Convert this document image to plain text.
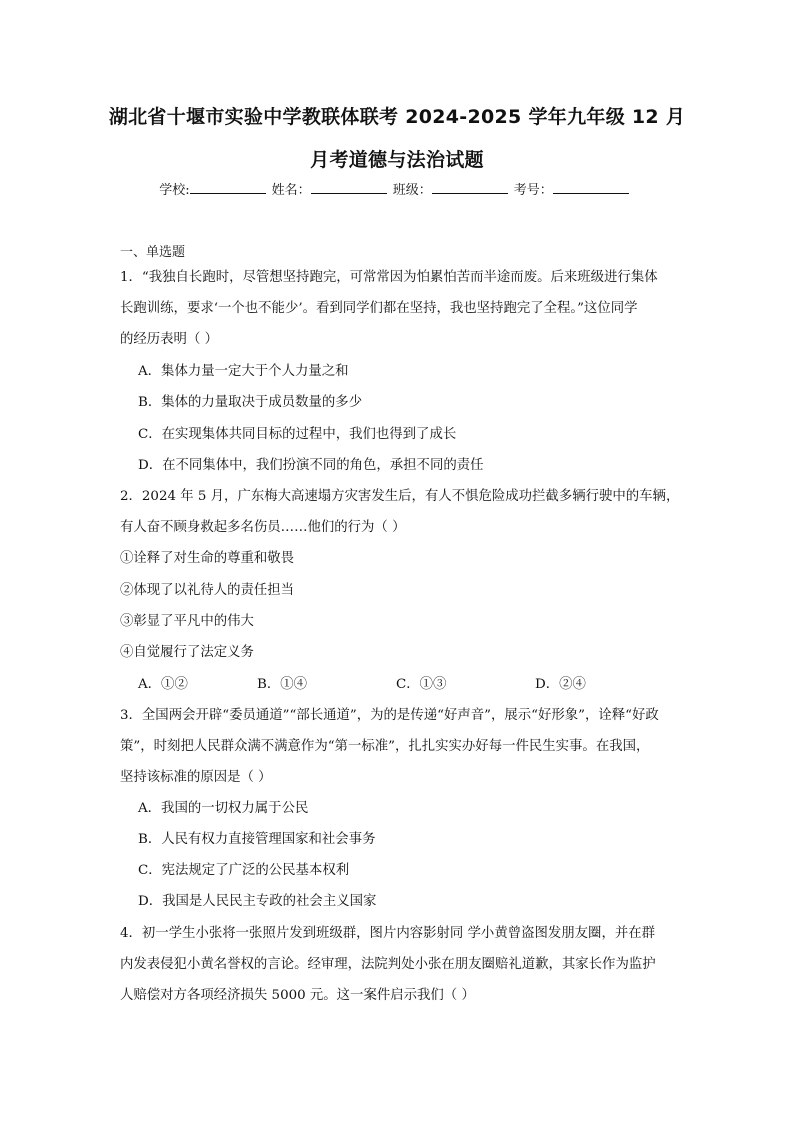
湖北省十堰市实验中学教联体联考 2024-2025 学年九年级 12 月
月考道德与法治试题
学校:	姓名：	班级：	考号：
一、单选题
1．“我独自长跑时，尽管想坚持跑完，可常常因为怕累怕苦而半途而废。后来班级进行集体
长跑训练，要求‘一个也不能少’。看到同学们都在坚持，我也坚持跑完了全程。”这位同学
的经历表明（ ）
A．集体力量一定大于个人力量之和
B．集体的力量取决于成员数量的多少
C．在实现集体共同目标的过程中，我们也得到了成长
D．在不同集体中，我们扮演不同的角色，承担不同的责任
2．2024 年 5 月，广东梅大高速塌方灾害发生后，有人不惧危险成功拦截多辆行驶中的车辆，
有人奋不顾身救起多名伤员……他们的行为（ ）
①诠释了对生命的尊重和敬畏
②体现了以礼待人的责任担当
③彰显了平凡中的伟大
④自觉履行了法定义务
A．①②	B．①④	C．①③	D．②④
3．全国两会开辟“委员通道”“部长通道”，为的是传递“好声音”，展示“好形象”，诠释“好政
策”，时刻把人民群众满不满意作为“第一标准”，扎扎实实办好每一件民生实事。在我国，
坚持该标准的原因是（ ）
A．我国的一切权力属于公民
B．人民有权力直接管理国家和社会事务
C．宪法规定了广泛的公民基本权利
D．我国是人民民主专政的社会主义国家
4．初一学生小张将一张照片发到班级群，图片内容影射同 学小黄曾盗图发朋友圈，并在群
内发表侵犯小黄名誉权的言论。经审理，法院判处小张在朋友圈赔礼道歉，其家长作为监护
人赔偿对方各项经济损失 5000 元。这一案件启示我们（ ）
